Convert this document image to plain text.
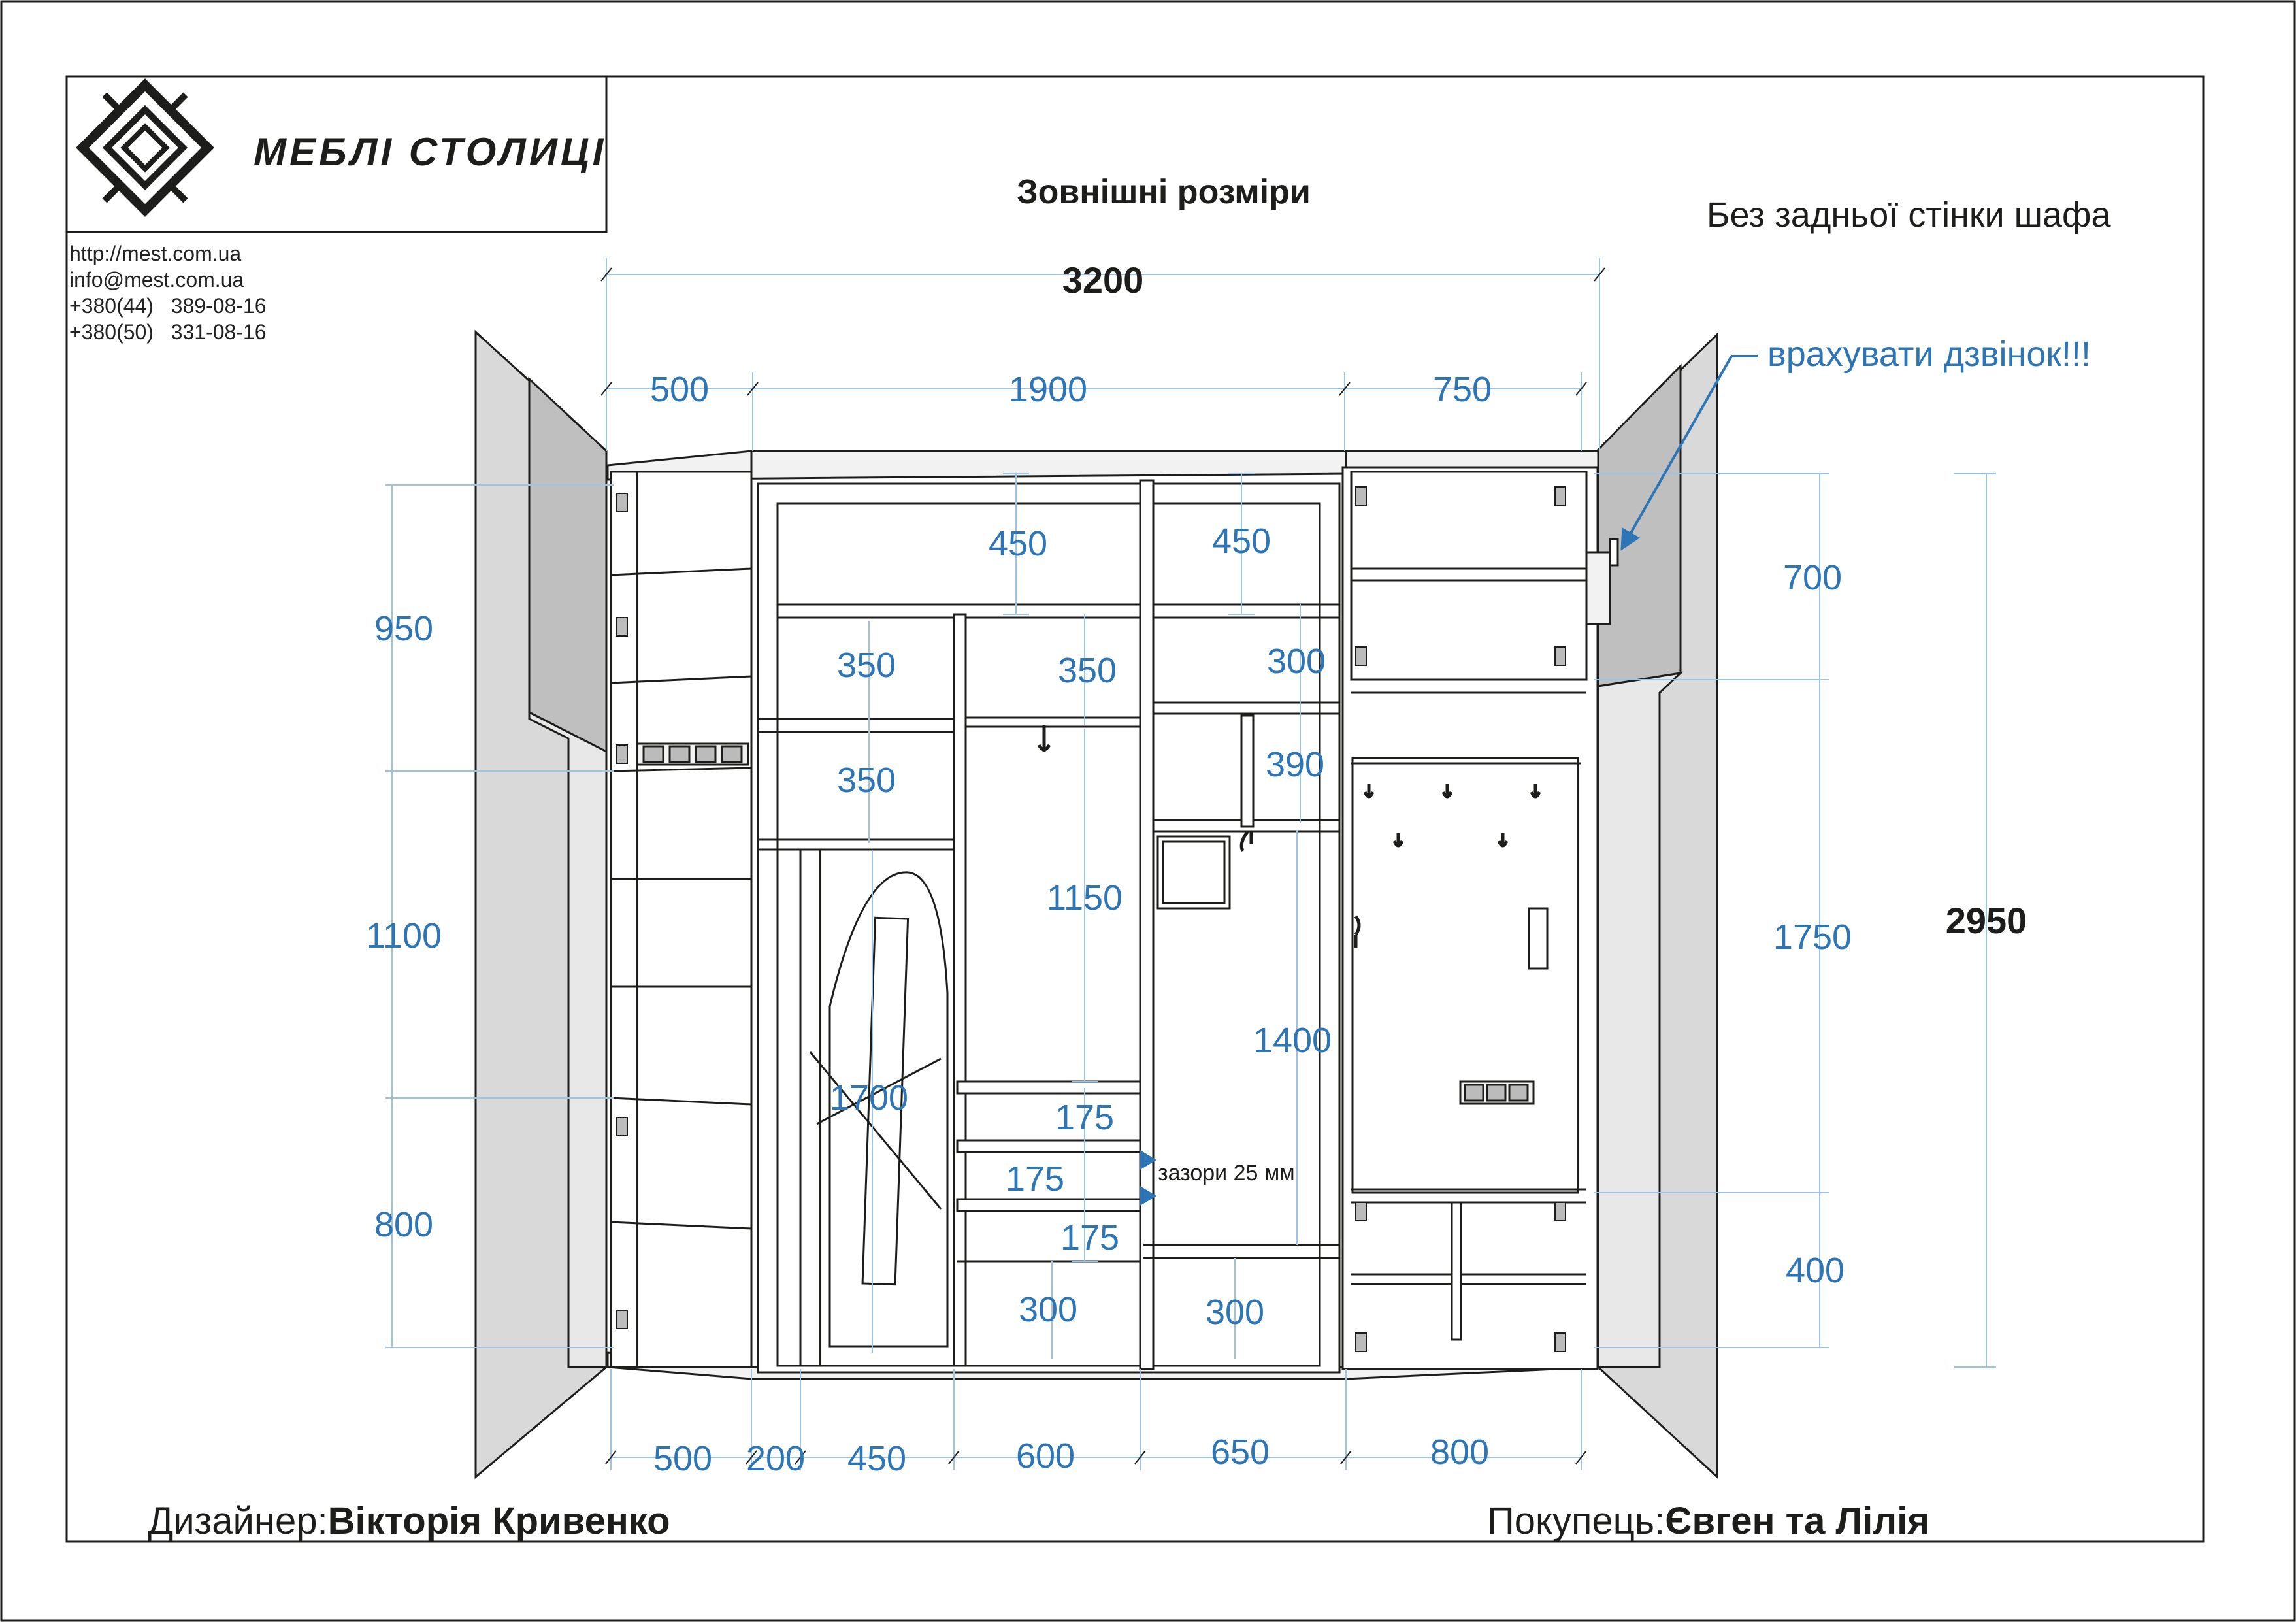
МЕБЛІ СТОЛИЦІ
500	1900	750
500 200 450	600	650	800
950
1100
800
700
1750
400
450	450
350	350	300
350	390
1150
1400
1700	175
175
175
300	300
3200
2950
зазори 25 мм
врахувати дзвінок!!!
http://mest.com.ua
info@mest.com.ua
+380(44)   389-08-16
+380(50)   331-08-16
Зовнішні розміри
Без задньої стінки шафа
Дизайнер:Вікторія Кривенко	Покупець:Євген та Лілія
